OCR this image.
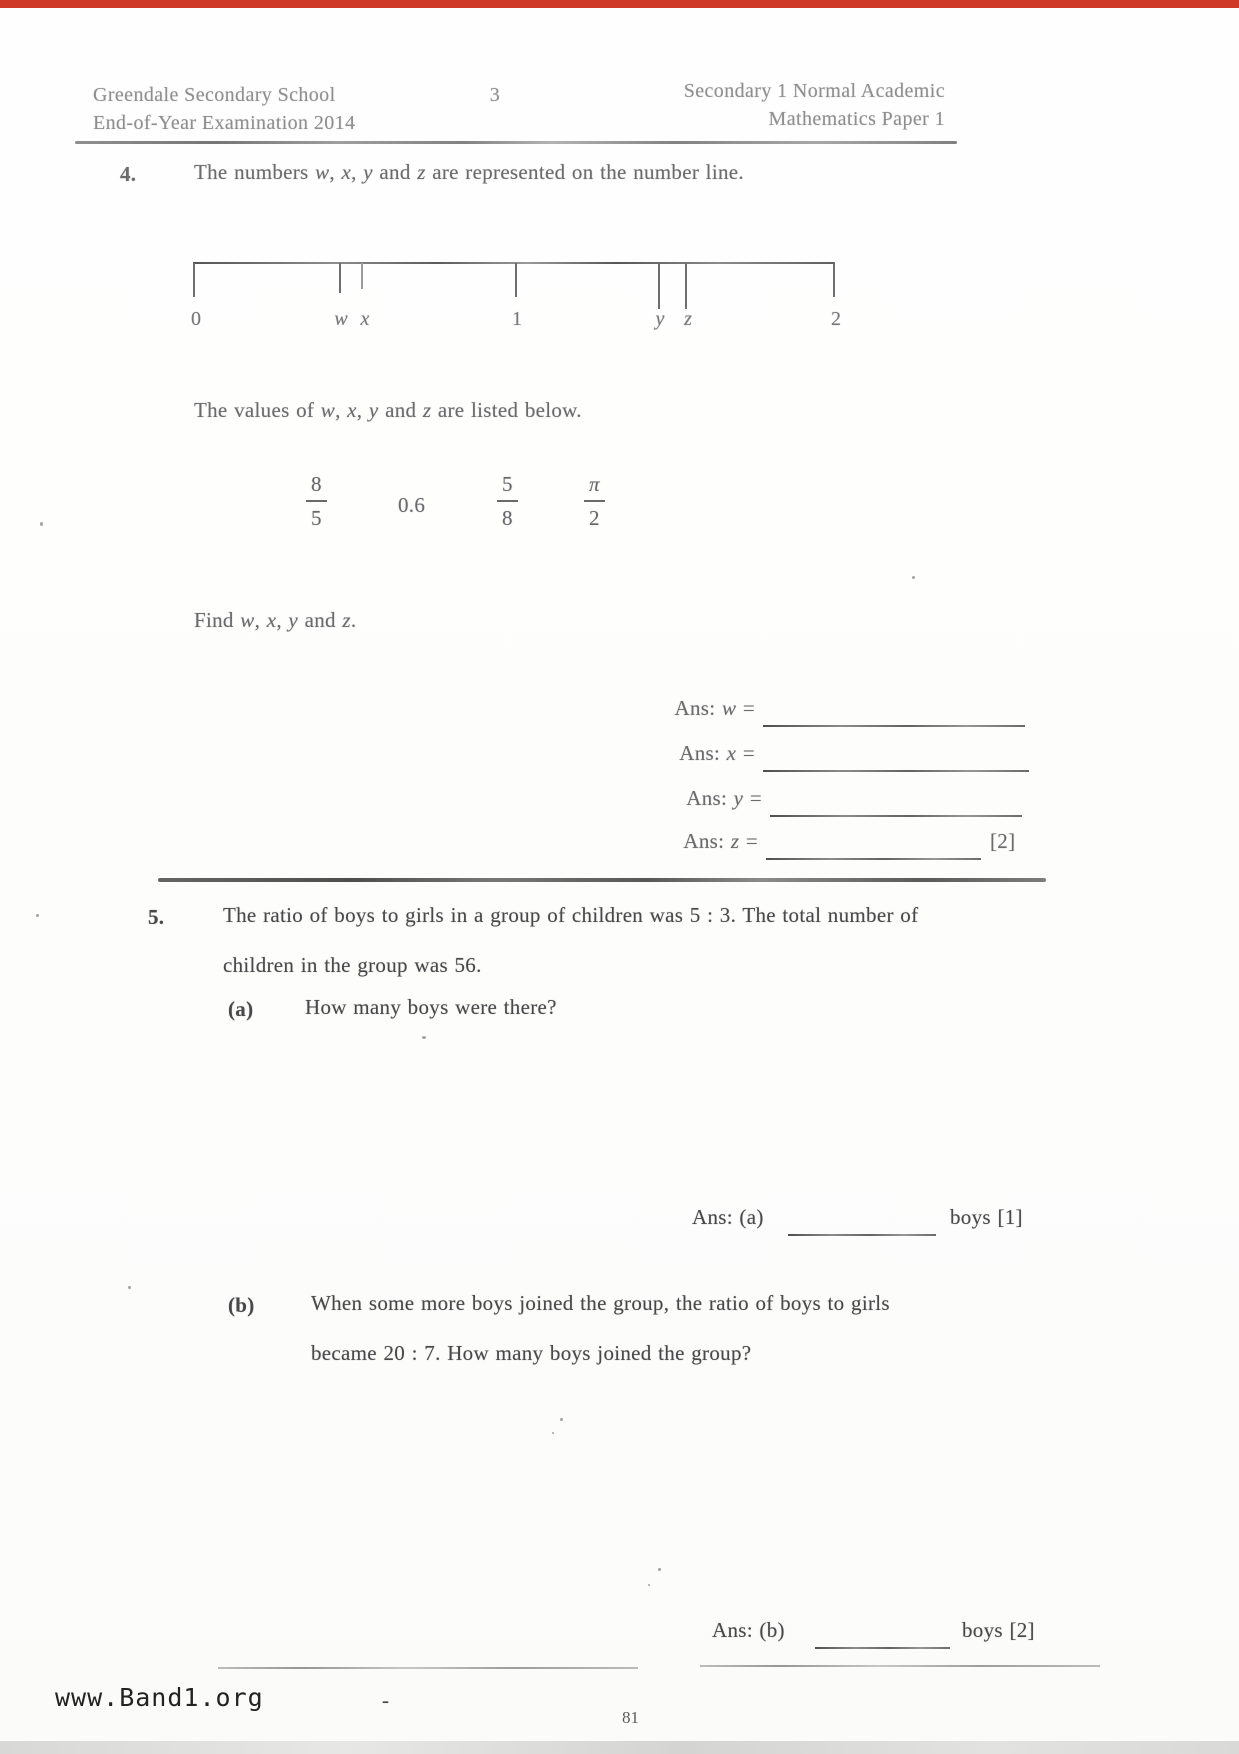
Greendale Secondary School
End-of-Year Examination 2014
3	Secondary 1 Normal Academic
Mathematics Paper 1
4.	The numbers w, x, y and z are represented on the number line.
0	w x	1	y z	2
The values of w, x, y and z are listed below.
$\frac{8}{5}$	0.6	$\frac{5}{8}$	$\frac{\pi}{2}$
Find w, x, y and z.
Ans: w =
Ans: x =
Ans: y =
Ans: z =	[2]
5.	The ratio of boys to girls in a group of children was 5 : 3. The total number of
children in the group was 56.
(a) How many boys were there?
Ans: (a)	boys [1]
(b)	When some more boys joined the group, the ratio of boys to girls
became 20 : 7. How many boys joined the group?
Ans: (b)	boys [2]
www.Band1.org	-
81
